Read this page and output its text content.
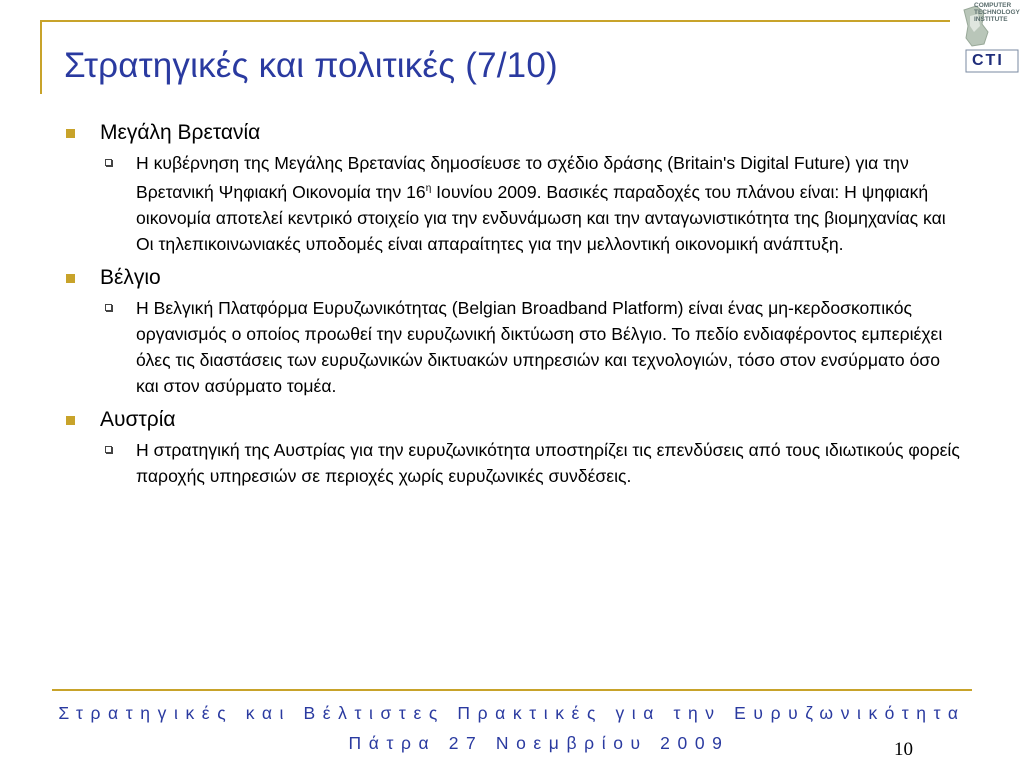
Στρατηγικές και πολιτικές (7/10)
COMPUTER
TECHNOLOGY
INSTITUTE
CTI
Μεγάλη Βρετανία
Η κυβέρνηση της Μεγάλης Βρετανίας δημοσίευσε το σχέδιο δράσης (Britain's Digital Future) για την Βρετανική Ψηφιακή Οικονομία την $16^\eta$ Ιουνίου 2009. Βασικές παραδοχές του πλάνου είναι: Η ψηφιακή οικονομία αποτελεί κεντρικό στοιχείο για την ενδυνάμωση και την ανταγωνιστικότητα της βιομηχανίας και Οι τηλεπικοινωνιακές υποδομές είναι απαραίτητες για την μελλοντική οικονομική ανάπτυξη.
Βέλγιο
Η Βελγική Πλατφόρμα Ευρυζωνικότητας (Belgian Broadband Platform) είναι ένας μη-κερδοσκοπικός οργανισμός ο οποίος προωθεί την ευρυζωνική δικτύωση στο Βέλγιο. Το πεδίο ενδιαφέροντος εμπεριέχει όλες τις διαστάσεις των ευρυζωνικών δικτυακών υπηρεσιών και τεχνολογιών, τόσο στον ενσύρματο όσο και στον ασύρματο τομέα.
Αυστρία
Η στρατηγική της Αυστρίας για την ευρυζωνικότητα υποστηρίζει τις επενδύσεις από τους ιδιωτικούς φορείς παροχής υπηρεσιών σε περιοχές χωρίς ευρυζωνικές συνδέσεις.
Στρατηγικές και Βέλτιστες Πρακτικές για την Ευρυζωνικότητα
Πάτρα 27 Νοεμβρίου 2009	10
